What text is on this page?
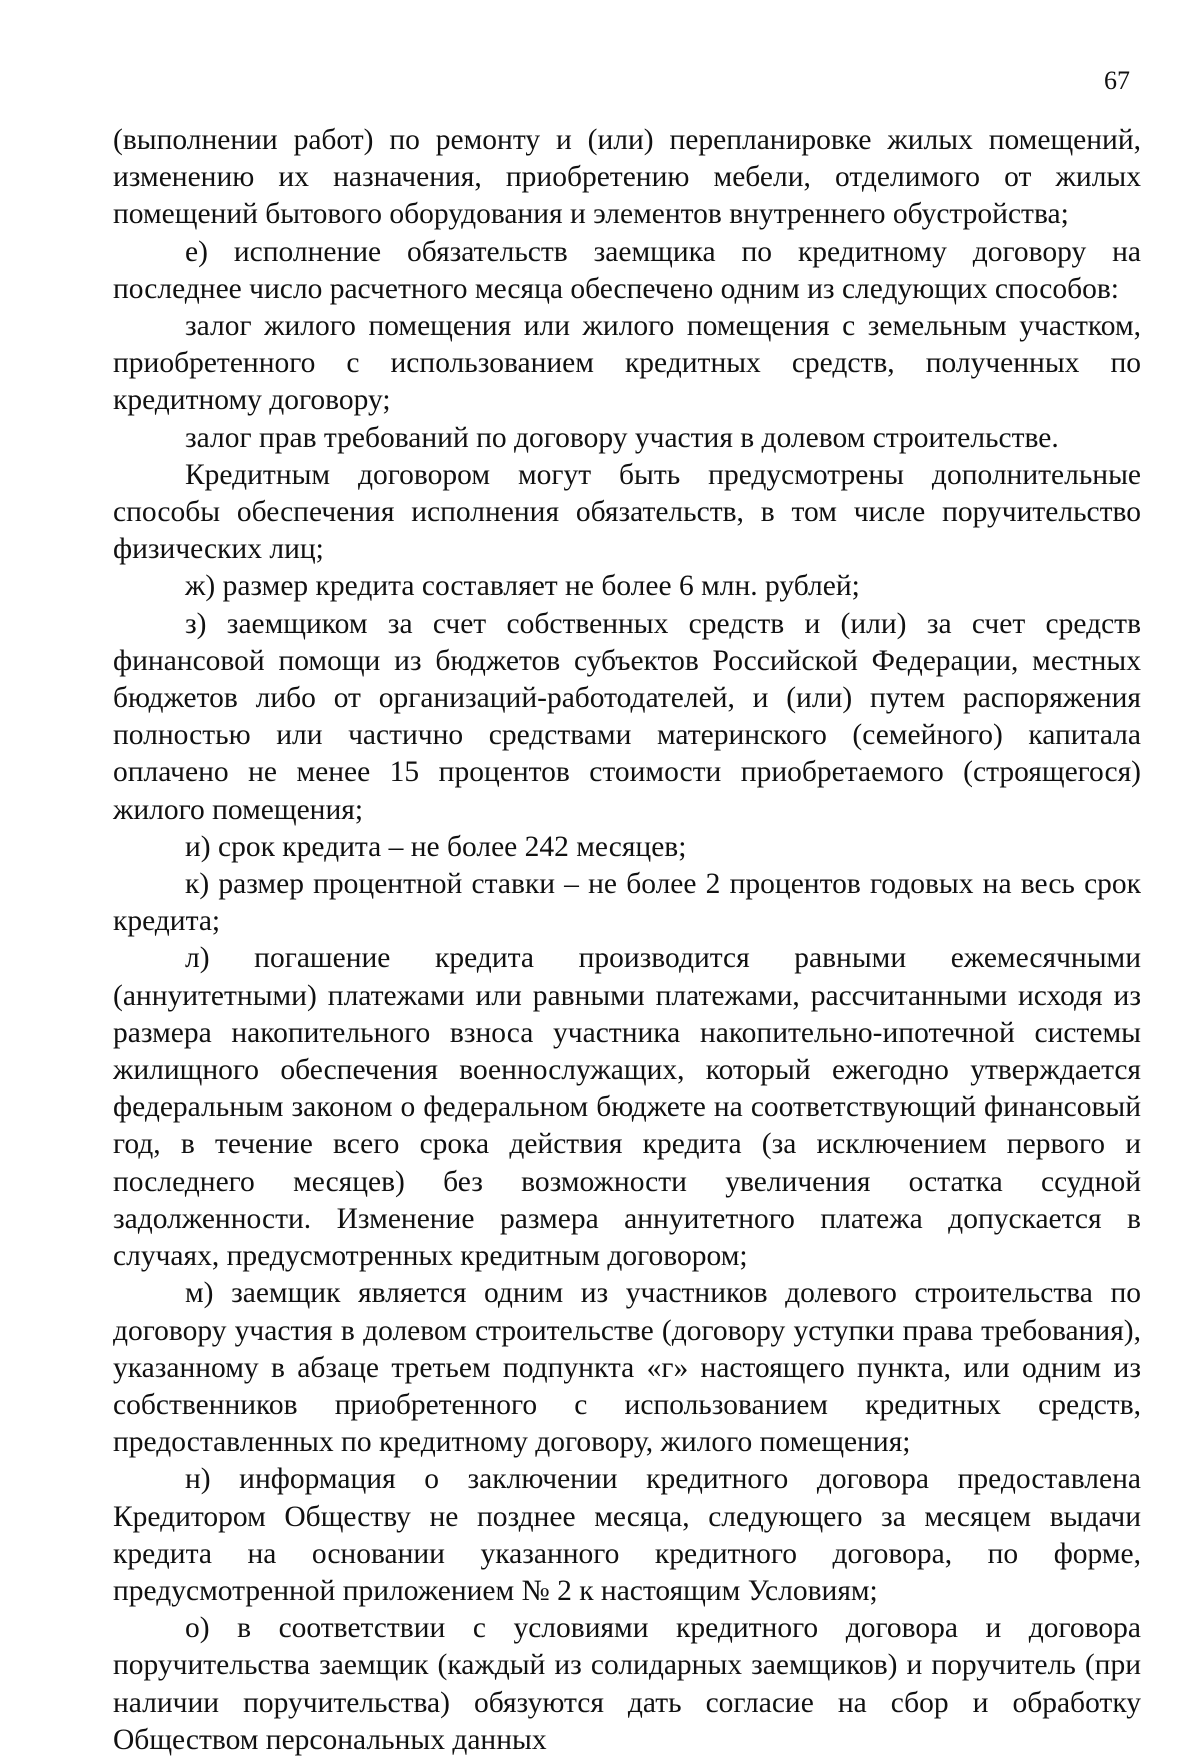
67

(выполнении работ) по ремонту и (или) перепланировке жилых помещений, изменению их назначения, приобретению мебели, отделимого от жилых помещений бытового оборудования и элементов внутреннего обустройства;

е) исполнение обязательств заемщика по кредитному договору на последнее число расчетного месяца обеспечено одним из следующих способов:

залог жилого помещения или жилого помещения с земельным участком, приобретенного с использованием кредитных средств, полученных по кредитному договору;

залог прав требований по договору участия в долевом строительстве.

Кредитным договором могут быть предусмотрены дополнительные способы обеспечения исполнения обязательств, в том числе поручительство физических лиц;

ж) размер кредита составляет не более 6 млн. рублей;

з) заемщиком за счет собственных средств и (или) за счет средств финансовой помощи из бюджетов субъектов Российской Федерации, местных бюджетов либо от организаций-работодателей, и (или) путем распоряжения полностью или частично средствами материнского (семейного) капитала оплачено не менее 15 процентов стоимости приобретаемого (строящегося) жилого помещения;

и) срок кредита – не более 242 месяцев;

к) размер процентной ставки – не более 2 процентов годовых на весь срок кредита;

л) погашение кредита производится равными ежемесячными (аннуитетными) платежами или равными платежами, рассчитанными исходя из размера накопительного взноса участника накопительно-ипотечной системы жилищного обеспечения военнослужащих, который ежегодно утверждается федеральным законом о федеральном бюджете на соответствующий финансовый год, в течение всего срока действия кредита (за исключением первого и последнего месяцев) без возможности увеличения остатка ссудной задолженности. Изменение размера аннуитетного платежа допускается в случаях, предусмотренных кредитным договором;

м) заемщик является одним из участников долевого строительства по договору участия в долевом строительстве (договору уступки права требования), указанному в абзаце третьем подпункта «г» настоящего пункта, или одним из собственников приобретенного с использованием кредитных средств, предоставленных по кредитному договору, жилого помещения;

н) информация о заключении кредитного договора предоставлена Кредитором Обществу не позднее месяца, следующего за месяцем выдачи кредита на основании указанного кредитного договора, по форме, предусмотренной приложением № 2 к настоящим Условиям;

о) в соответствии с условиями кредитного договора и договора поручительства заемщик (каждый из солидарных заемщиков) и поручитель (при наличии поручительства) обязуются дать согласие на сбор и обработку Обществом персональных данных
